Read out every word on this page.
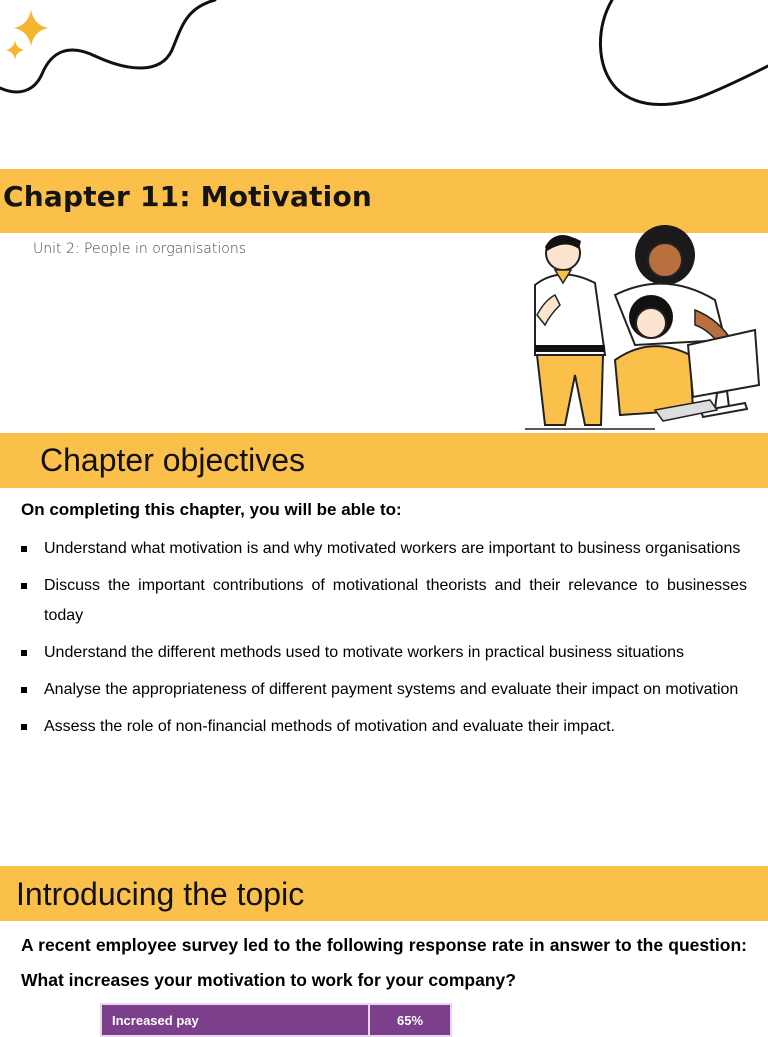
Chapter 11: Motivation

Unit 2: People in organisations

Chapter objectives

On completing this chapter, you will be able to:

Understand what motivation is and why motivated workers are important to business organisations
Discuss the important contributions of motivational theorists and their relevance to businesses today
Understand the different methods used to motivate workers in practical business situations
Analyse the appropriateness of different payment systems and evaluate their impact on motivation
Assess the role of non-financial methods of motivation and evaluate their impact.
Introducing the topic

A recent employee survey led to the following response rate in answer to the question: What increases your motivation to work for your company?

Increased pay	65%
